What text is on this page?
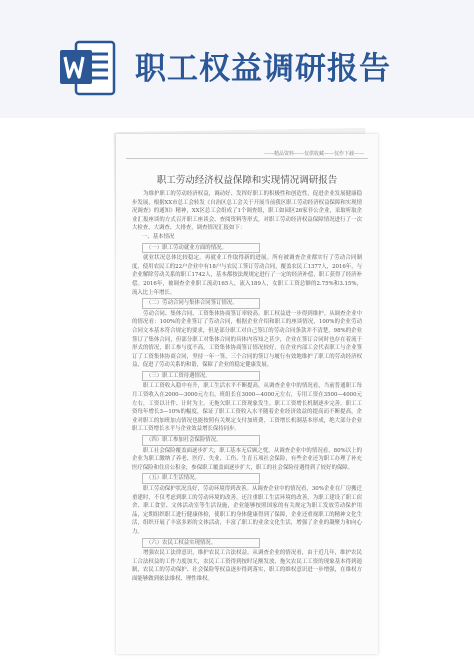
职工权益调研报告
——精品资料——仅供收藏——仅作下载——
职工劳动经济权益保障和实现情况调研报告

为维护职工的劳动经济权益，调动好、发挥好职工的积极性和创造性，促进企业发展健康稳步发展，根据XX市总工会转发《自治区总工会关于开展当前我区职工劳动经济权益保障和实现情况调查》的通知》精神，XX区总工会组成了1个调查组，职工如园区26家非公企业，采取听取企业汇报座谈的方式召开职工座谈会、查阅资料等形式，对职工劳动经济权益保障情况进行了一次大检查、大调查、大排查，调查情况汇报如下：

一、基本情况

（一）职工劳动就业方面的情况。

就业状况总体比较稳定。再就业工作取得新的进展。所有被调查企业都实行了劳动合同制度，使用农民工的22户企业中有18户与农民工签订劳动合同，覆盖农民工1377人，2016年，与企业解除劳动关系的职工1742人，基本都按法规规定进行了一定的经济补偿，职工获得了经济补偿。2016年，被调查企业职工流动165人，流入189人，女职工工资总额的2.75%和3.15%，流入比上年增长。

（二）劳动合同与集体合同签订情况。

劳动合同、集体合同、工资集体协商签订率较高。职工权益进一步得到维护。从调查企业中的情况看：100%的企业签订了劳动合同，根据企业介绍和职工的座谈情况，100%的企业劳动合同文本基本符合规定的要求，但是部分职工对自己签订的劳动合同条款并不清楚，98%的企业签订了集体合同，但部分职工对集体合同的具体内容知之甚少，企业在签订合同时也存在着流于形式的情况，职工参与度不高。工资集体协商签订情况较好，在企业内部工会代表职工与企业签订了工资集体协商合同，坚持一年一签，三个合同的签订与履行有效地维护了职工的劳动经济权益，促进了劳动关系的和谐，保障了企业的稳定健康发展。

（三）职工工资待遇情况。

职工工资收入稳中有升，职工生活水平不断提高。从调查企业中的情况看，当前普通职工每月工资收入在2000—3000元左右，班组长在3000—4000元左右，专用工资在3500—4000元左右，工资以计件、计时为主。无拖欠职工工资现象发生。职工工资增长机制逐步完善，职工工资每年增长3—10%的幅度，保证了职工工资收入水平随着企业经济效益的提高而不断提高，企业对职工的加班加点情况也能按照有关规定支付加班费，工资增长机制基本形成，绝大部分企业职工工资增长水平与企业效益增长保持同步。

（四）职工参加社会保险情况。

职工社会保险覆盖面逐步扩大，职工基本无后顾之忧。从调查企业中的情况看，80%以上的企业为职工缴纳了养老、医疗、失业、工伤、生育五项社会保险，有些企业还为职工办理了补充医疗保险和住房公积金，参保职工覆盖面逐步扩大，职工的社会保险待遇得到了较好的保障。

（五）职工生活情况。

职工劳动保护状况良好，劳动环境得到改善。从调查企业中的情况看，30%企业在厂房搬迁重建时，不仅考虑到职工的劳动环境的改善，还注重职工生活环境的改善，为职工建设了职工宿舍、职工食堂、文体活动室等生活设施，企业能够按照国家的有关规定为职工发放劳动保护用品，定期组织职工进行健康体检，使职工的身体健康得到了保障，企业还重视职工的精神文化生活，组织开展了丰富多彩的文体活动，丰富了职工的业余文化生活，增强了企业的凝聚力和向心力。

（六）农民工权益实现情况。

增强农民工法律意识，维护农民工合法权益。从调查企业的情况看，由于近几年，维护农民工合法权益的工作力度加大，农民工工资得到按时足额发放，拖欠农民工工资的现象基本得到遏制，农民工的劳动保护、社会保险等权益逐步得到落实，职工的维权意识进一步增强，在维权方面能够做到依法维权、理性维权。
